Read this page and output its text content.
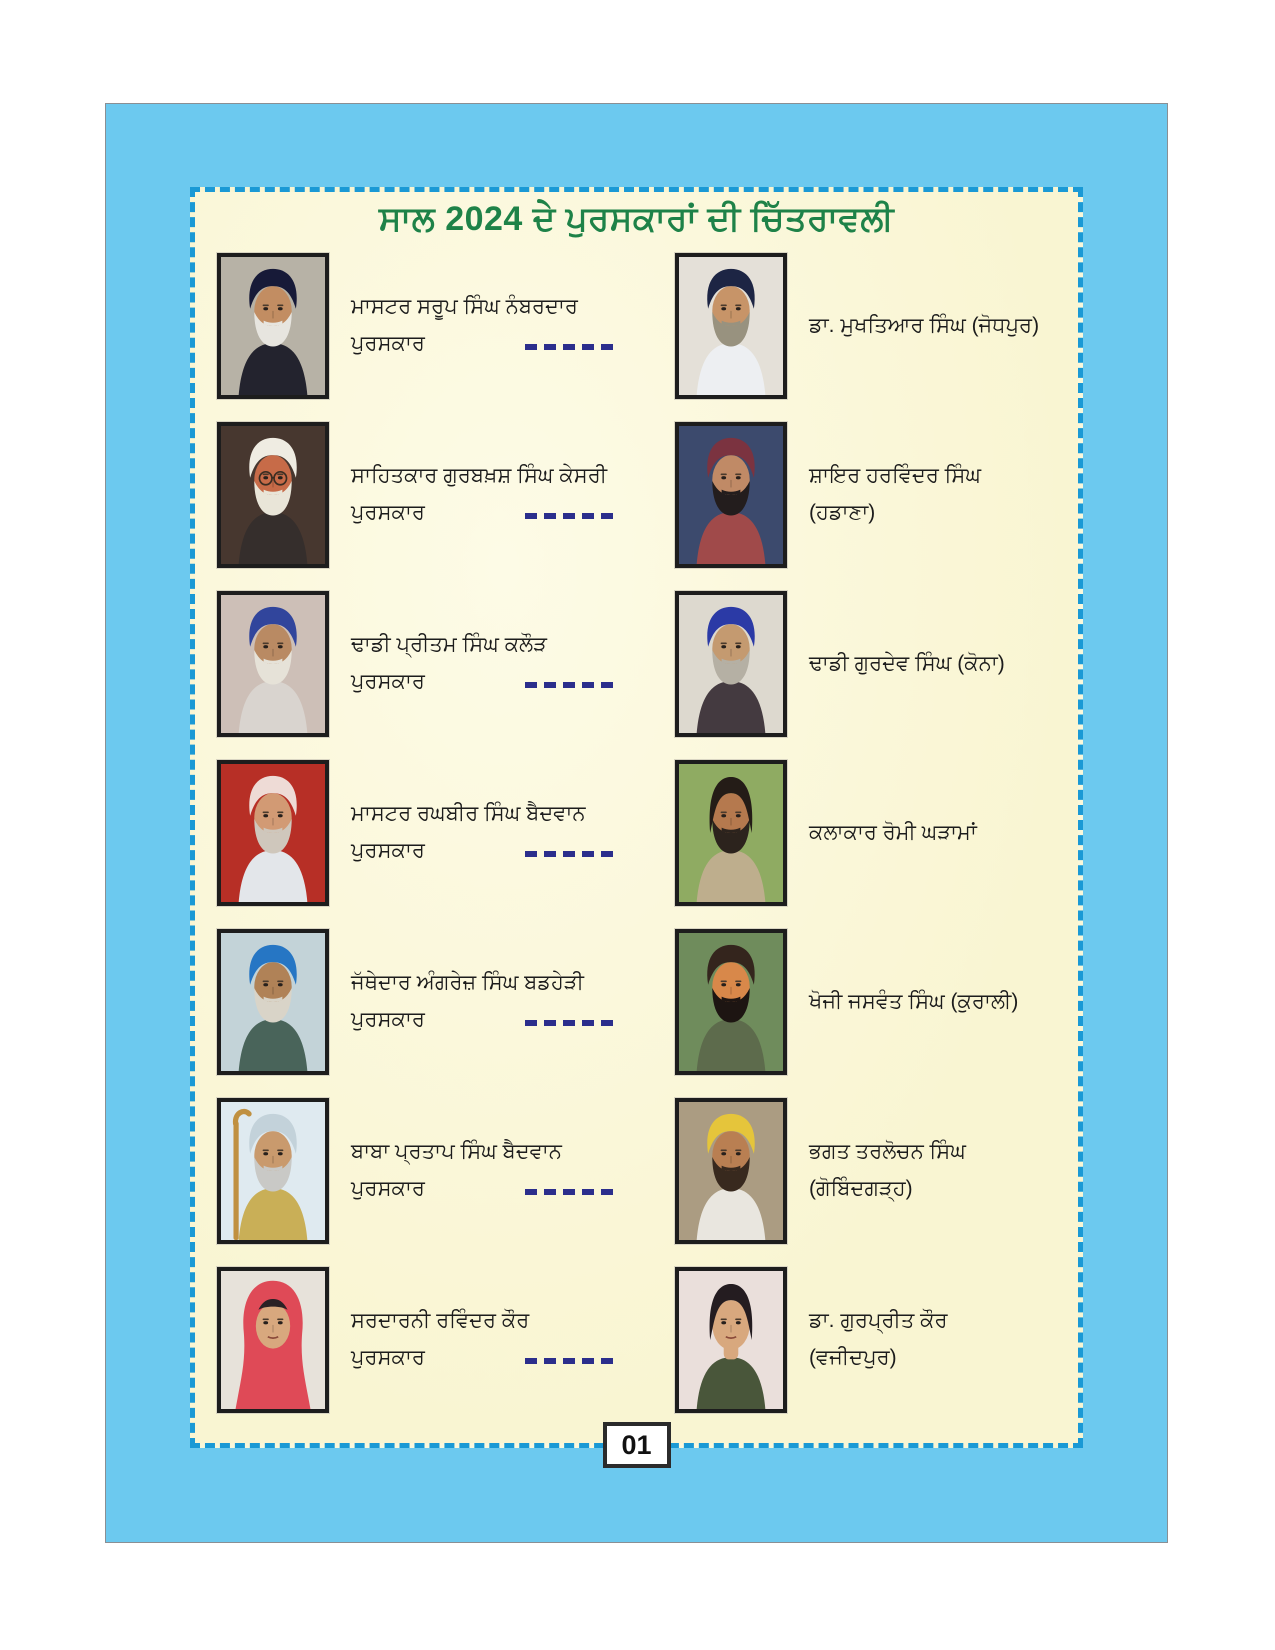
ਸਾਲ 2024 ਦੇ ਪੁਰਸਕਾਰਾਂ ਦੀ ਚਿੱਤਰਾਵਲੀ
ਮਾਸਟਰ ਸਰੂਪ ਸਿੰਘ ਨੰਬਰਦਾਰ
ਪੁਰਸਕਾਰ
ਡਾ. ਮੁਖਤਿਆਰ ਸਿੰਘ (ਜੋਧਪੁਰ)
ਸਾਹਿਤਕਾਰ ਗੁਰਬਖ਼ਸ਼ ਸਿੰਘ ਕੇਸਰੀ
ਪੁਰਸਕਾਰ
ਸ਼ਾਇਰ ਹਰਵਿੰਦਰ ਸਿੰਘ
(ਹਡਾਣਾ)
ਢਾਡੀ ਪ੍ਰੀਤਮ ਸਿੰਘ ਕਲੌੜ
ਪੁਰਸਕਾਰ
ਢਾਡੀ ਗੁਰਦੇਵ ਸਿੰਘ (ਕੋਨਾ)
ਮਾਸਟਰ ਰਘਬੀਰ ਸਿੰਘ ਬੈਦਵਾਨ
ਪੁਰਸਕਾਰ
ਕਲਾਕਾਰ ਰੋਮੀ ਘੜਾਮਾਂ
ਜੱਥੇਦਾਰ ਅੰਗਰੇਜ਼ ਸਿੰਘ ਬਡਹੇੜੀ
ਪੁਰਸਕਾਰ
ਖੋਜੀ ਜਸਵੰਤ ਸਿੰਘ (ਕੁਰਾਲੀ)
ਬਾਬਾ ਪ੍ਰਤਾਪ ਸਿੰਘ ਬੈਦਵਾਨ
ਪੁਰਸਕਾਰ
ਭਗਤ ਤਰਲੋਚਨ ਸਿੰਘ
(ਗੋਬਿੰਦਗੜ੍ਹ)
ਸਰਦਾਰਨੀ ਰਵਿੰਦਰ ਕੌਰ
ਪੁਰਸਕਾਰ
ਡਾ. ਗੁਰਪ੍ਰੀਤ ਕੌਰ
(ਵਜੀਦਪੁਰ)
01
